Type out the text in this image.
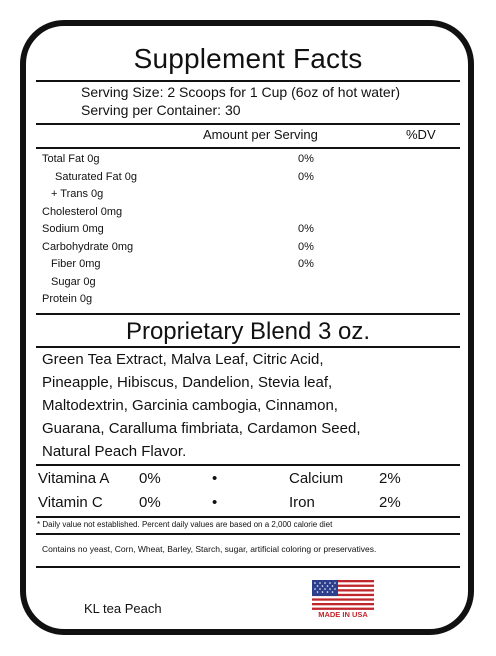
Supplement Facts
Serving Size: 2 Scoops for 1 Cup (6oz of hot water)
Serving per Container: 30
Amount per Serving	%DV
Total Fat 0g	0%
Saturated Fat 0g	0%
+ Trans 0g
Cholesterol 0mg
Sodium 0mg	0%
Carbohydrate 0mg	0%
Fiber 0mg	0%
Sugar 0g
Protein 0g
Proprietary Blend 3 oz.
Green Tea Extract, Malva Leaf, Citric Acid,
Pineapple, Hibiscus, Dandelion, Stevia leaf,
Maltodextrin, Garcinia cambogia, Cinnamon,
Guarana, Caralluma fimbriata, Cardamon Seed,
Natural Peach Flavor.
Vitamina A 0%	•	Calcium 2%
Vitamin C 0%	•	Iron	2%
* Daily value not established. Percent daily values are based on a 2,000 calorie diet
Contains no yeast, Corn, Wheat, Barley, Starch, sugar, artificial coloring or preservatives.
KL tea Peach	MADE IN USA
